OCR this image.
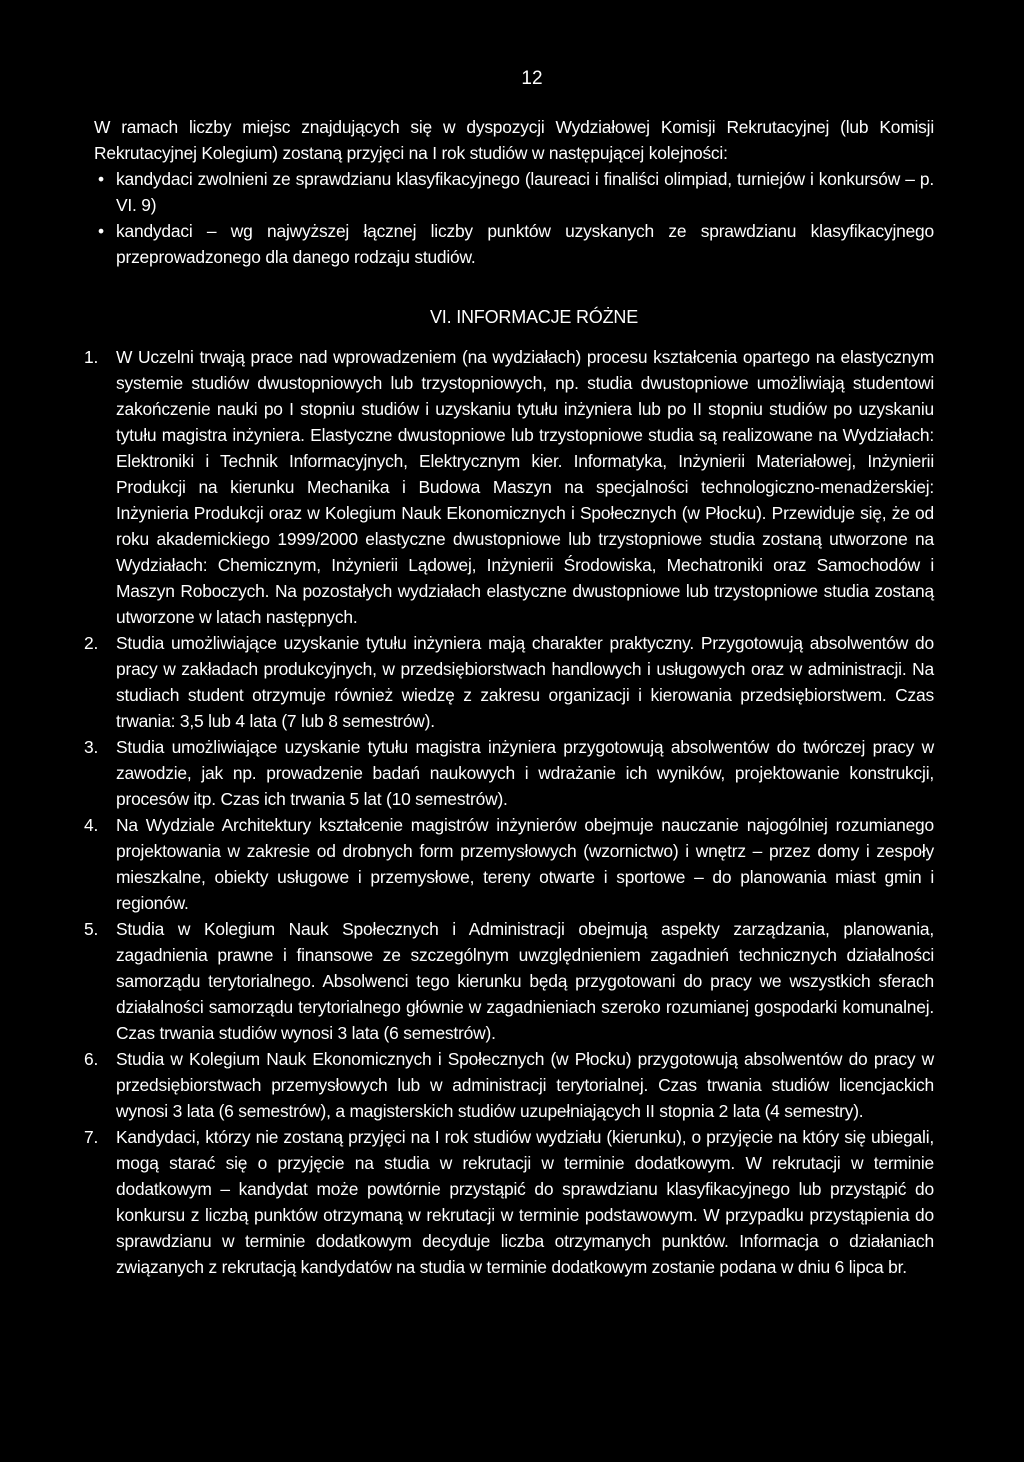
12

W ramach liczby miejsc znajdujących się w dyspozycji Wydziałowej Komisji Rekrutacyjnej (lub Komisji Rekrutacyjnej Kolegium) zostaną przyjęci na I rok studiów w następującej kolejności:

• kandydaci zwolnieni ze sprawdzianu klasyfikacyjnego (laureaci i finaliści olimpiad, turniejów i konkursów – p. VI. 9)
• kandydaci – wg najwyższej łącznej liczby punktów uzyskanych ze sprawdzianu klasyfikacyjnego przeprowadzonego dla danego rodzaju studiów.
VI. INFORMACJE RÓŻNE
1. W Uczelni trwają prace nad wprowadzeniem (na wydziałach) procesu kształcenia opartego na elastycznym systemie studiów dwustopniowych lub trzystopniowych, np. studia dwustopniowe umożliwiają studentowi zakończenie nauki po I stopniu studiów i uzyskaniu tytułu inżyniera lub po II stopniu studiów po uzyskaniu tytułu magistra inżyniera. Elastyczne dwustopniowe lub trzystopniowe studia są realizowane na Wydziałach: Elektroniki i Technik Informacyjnych, Elektrycznym kier. Informatyka, Inżynierii Materiałowej, Inżynierii Produkcji na kierunku Mechanika i Budowa Maszyn na specjalności technologiczno-menadżerskiej: Inżynieria Produkcji oraz w Kolegium Nauk Ekonomicznych i Społecznych (w Płocku). Przewiduje się, że od roku akademickiego 1999/2000 elastyczne dwustopniowe lub trzystopniowe studia zostaną utworzone na Wydziałach: Chemicznym, Inżynierii Lądowej, Inżynierii Środowiska, Mechatroniki oraz Samochodów i Maszyn Roboczych. Na pozostałych wydziałach elastyczne dwustopniowe lub trzystopniowe studia zostaną utworzone w latach następnych.
2. Studia umożliwiające uzyskanie tytułu inżyniera mają charakter praktyczny. Przygotowują absolwentów do pracy w zakładach produkcyjnych, w przedsiębiorstwach handlowych i usługowych oraz w administracji. Na studiach student otrzymuje również wiedzę z zakresu organizacji i kierowania przedsiębiorstwem. Czas trwania: 3,5 lub 4 lata (7 lub 8 semestrów).
3. Studia umożliwiające uzyskanie tytułu magistra inżyniera przygotowują absolwentów do twórczej pracy w zawodzie, jak np. prowadzenie badań naukowych i wdrażanie ich wyników, projektowanie konstrukcji, procesów itp. Czas ich trwania 5 lat (10 semestrów).
4. Na Wydziale Architektury kształcenie magistrów inżynierów obejmuje nauczanie najogólniej rozumianego projektowania w zakresie od drobnych form przemysłowych (wzornictwo) i wnętrz – przez domy i zespoły mieszkalne, obiekty usługowe i przemysłowe, tereny otwarte i sportowe – do planowania miast gmin i regionów.
5. Studia w Kolegium Nauk Społecznych i Administracji obejmują aspekty zarządzania, planowania, zagadnienia prawne i finansowe ze szczególnym uwzględnieniem zagadnień technicznych działalności samorządu terytorialnego. Absolwenci tego kierunku będą przygotowani do pracy we wszystkich sferach działalności samorządu terytorialnego głównie w zagadnieniach szeroko rozumianej gospodarki komunalnej. Czas trwania studiów wynosi 3 lata (6 semestrów).
6. Studia w Kolegium Nauk Ekonomicznych i Społecznych (w Płocku) przygotowują absolwentów do pracy w przedsiębiorstwach przemysłowych lub w administracji terytorialnej. Czas trwania studiów licencjackich wynosi 3 lata (6 semestrów), a magisterskich studiów uzupełniających II stopnia 2 lata (4 semestry).
7. Kandydaci, którzy nie zostaną przyjęci na I rok studiów wydziału (kierunku), o przyjęcie na który się ubiegali, mogą starać się o przyjęcie na studia w rekrutacji w terminie dodatkowym. W rekrutacji w terminie dodatkowym – kandydat może powtórnie przystąpić do sprawdzianu klasyfikacyjnego lub przystąpić do konkursu z liczbą punktów otrzymaną w rekrutacji w terminie podstawowym. W przypadku przystąpienia do sprawdzianu w terminie dodatkowym decyduje liczba otrzymanych punktów. Informacja o działaniach związanych z rekrutacją kandydatów na studia w terminie dodatkowym zostanie podana w dniu 6 lipca br.
